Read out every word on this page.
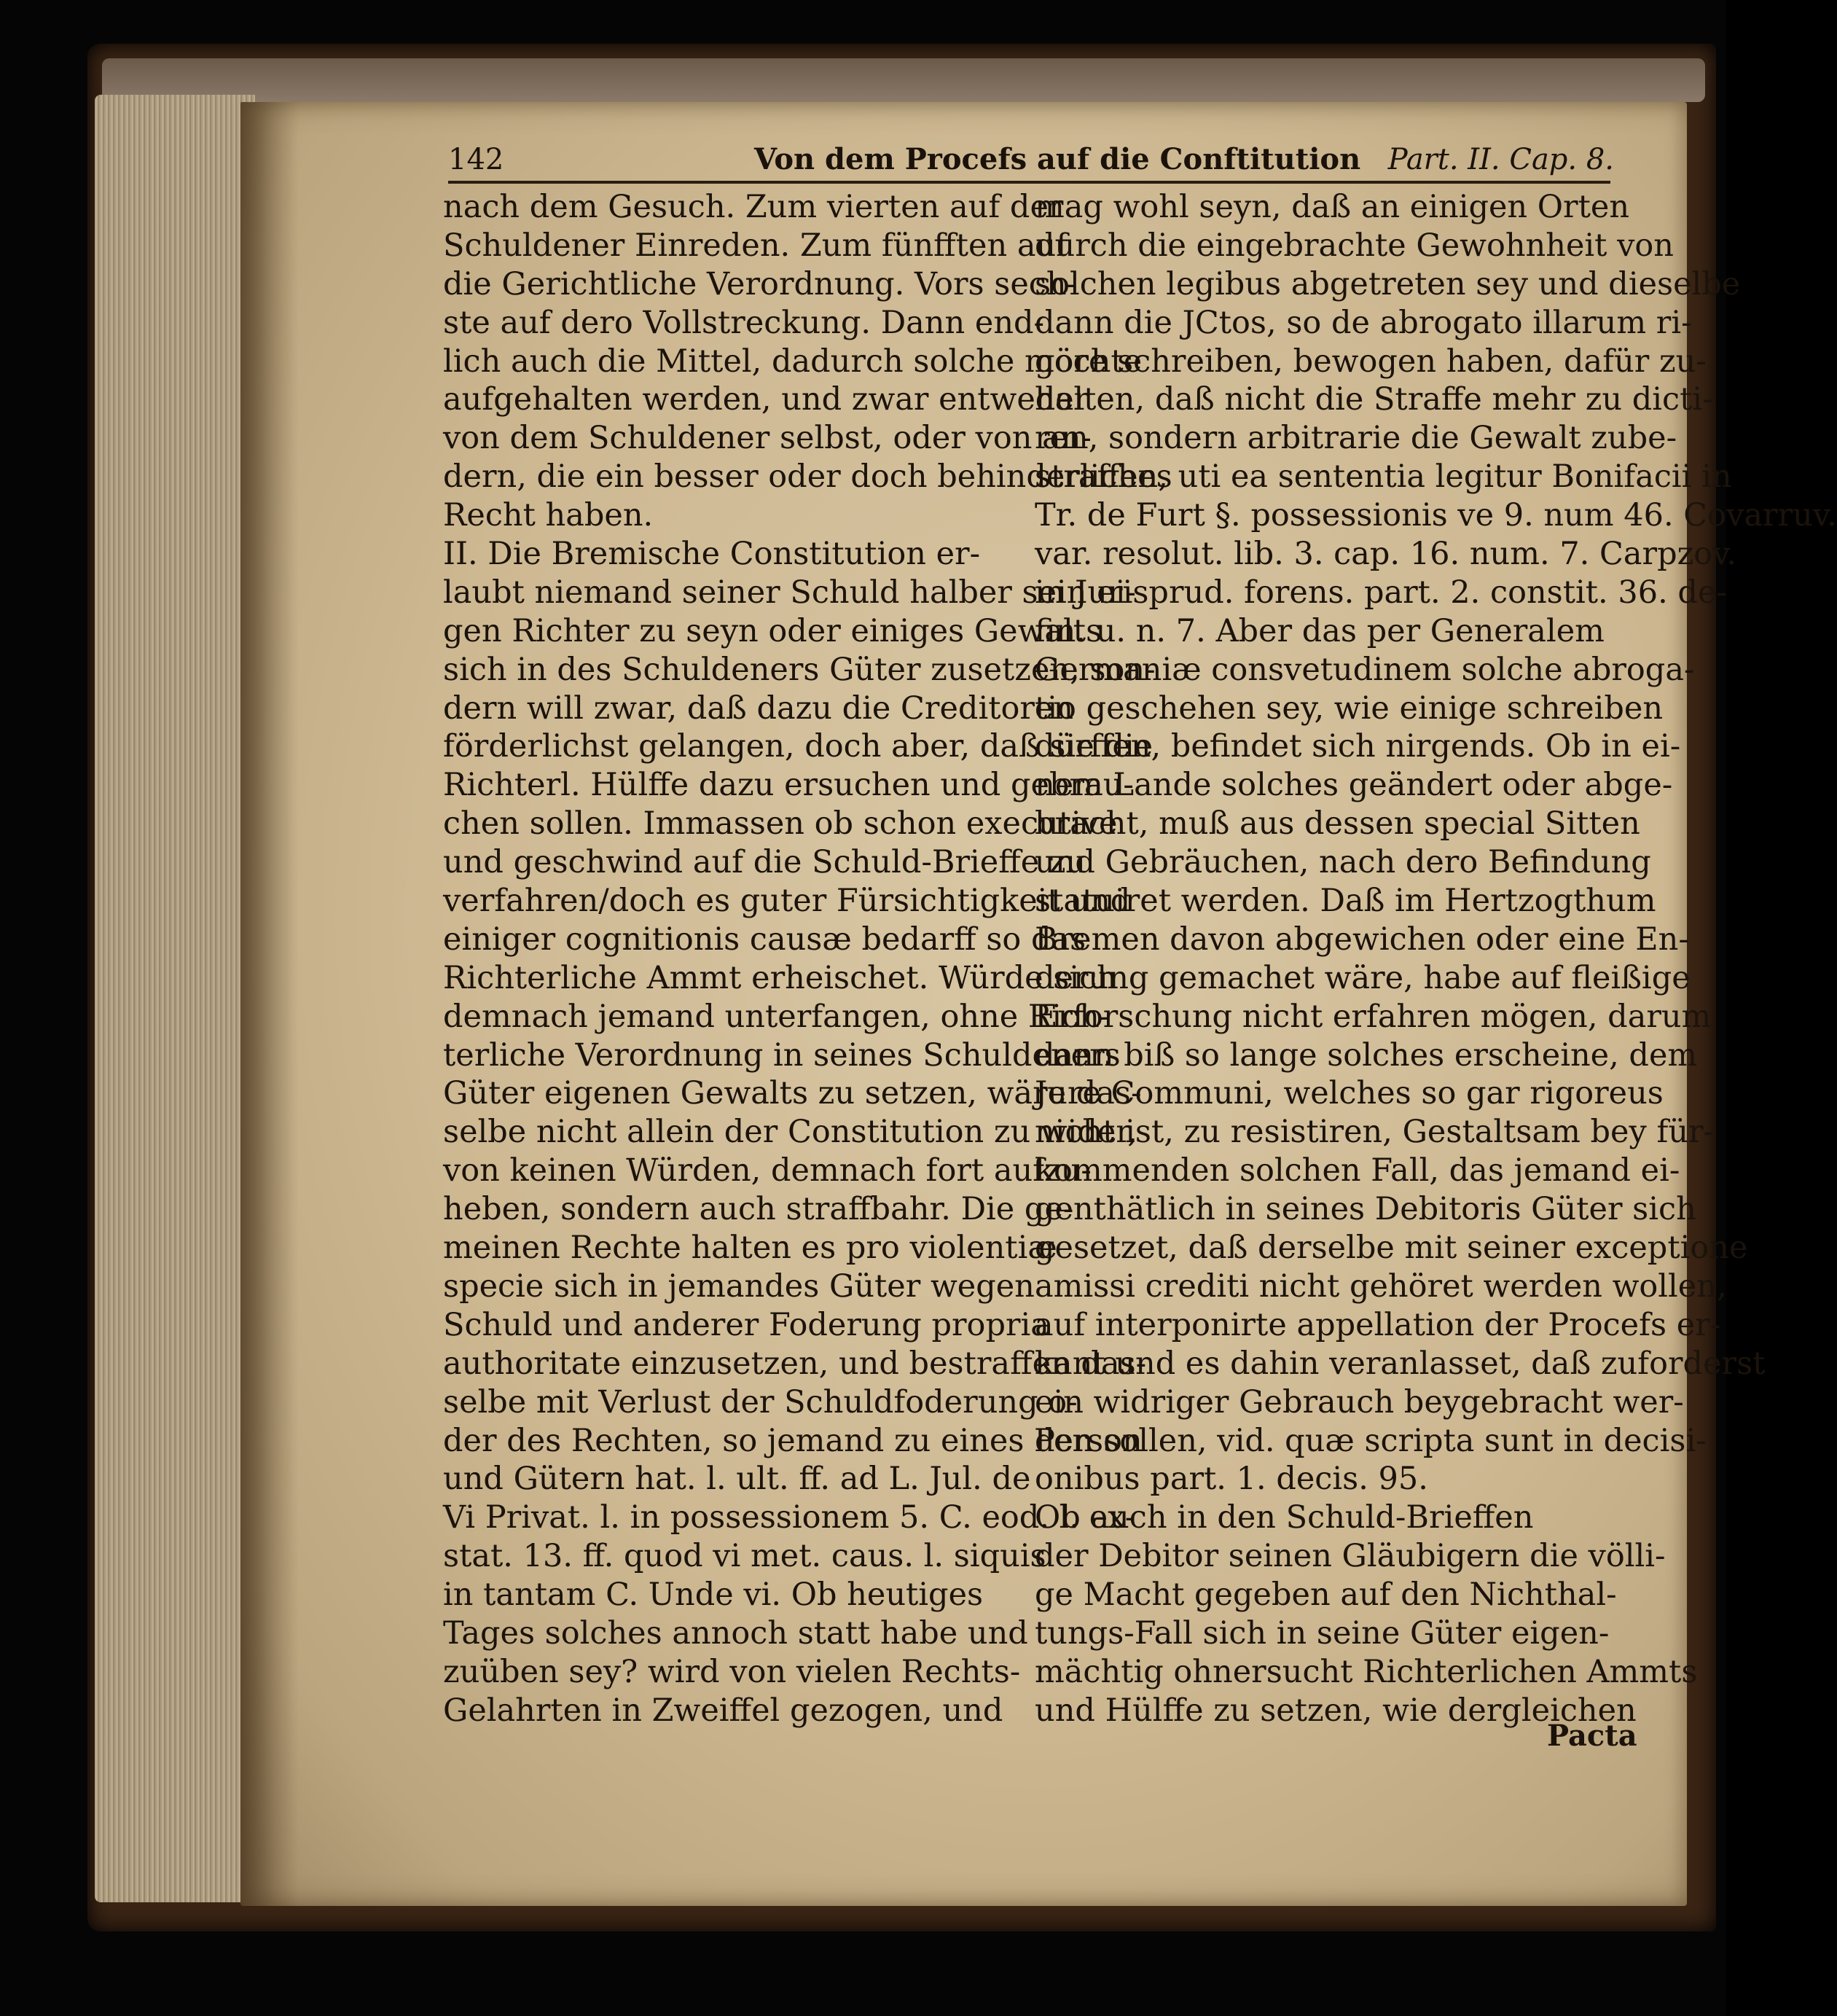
142	Von dem Procefs auf die Conftitution Part. II. Cap. 8.
nach dem Gesuch. Zum vierten auf der
Schuldener Einreden. Zum fünfften auf
die Gerichtliche Verordnung. Vors sech-
ste auf dero Vollstreckung. Dann end-
lich auch die Mittel, dadurch solche möchte
aufgehalten werden, und zwar entweder
von dem Schuldener selbst, oder von an-
dern, die ein besser oder doch behinderliches
Recht haben.
II. Die Bremische Constitution er-
laubt niemand seiner Schuld halber sein ei-
gen Richter zu seyn oder einiges Gewalts
sich in des Schuldeners Güter zusetzen, son-
dern will zwar, daß dazu die Creditoren
förderlichst gelangen, doch aber, daß sie die
Richterl. Hülffe dazu ersuchen und gebrau-
chen sollen. Immassen ob schon executive
und geschwind auf die Schuld-Brieffe zu
verfahren/doch es guter Fürsichtigkeit und
einiger cognitionis causæ bedarff so das
Richterliche Ammt erheischet. Würde sich
demnach jemand unterfangen, ohne Rich-
terliche Verordnung in seines Schuldeners
Güter eigenen Gewalts zu setzen, wäre das-
selbe nicht allein der Constitution zu wider,
von keinen Würden, demnach fort aufzu-
heben, sondern auch straffbahr. Die ge-
meinen Rechte halten es pro violentiæ
specie sich in jemandes Güter wegen
Schuld und anderer Foderung propria
authoritate einzusetzen, und bestraffen das-
selbe mit Verlust der Schuldfoderung o-
der des Rechten, so jemand zu eines Person
und Gütern hat. l. ult. ff. ad L. Jul. de
Vi Privat. l. in possessionem 5. C. eod. l. ex-
stat. 13. ff. quod vi met. caus. l. siquis
in tantam C. Unde vi. Ob heutiges
Tages solches annoch statt habe und
zuüben sey? wird von vielen Rechts-
Gelahrten in Zweiffel gezogen, und
mag wohl seyn, daß an einigen Orten
durch die eingebrachte Gewohnheit von
solchen legibus abgetreten sey und dieselbe
dann die JCtos, so de abrogato illarum ri-
gore schreiben, bewogen haben, dafür zu-
halten, daß nicht die Straffe mehr zu dicti-
ren, sondern arbitrarie die Gewalt zube-
straffen, uti ea sententia legitur Bonifacii in
Tr. de Furt §. possessionis ve 9. num 46. Covarruv.
var. resolut. lib. 3. cap. 16. num. 7. Carpzov.
in Jurisprud. forens. part. 2. constit. 36. de-
fin. u. n. 7. Aber das per Generalem
Germaniæ consvetudinem solche abroga-
tio geschehen sey, wie einige schreiben
dürffen, befindet sich nirgends. Ob in ei-
nem Lande solches geändert oder abge-
bracht, muß aus dessen special Sitten
und Gebräuchen, nach dero Befindung
statuiret werden. Daß im Hertzogthum
Bremen davon abgewichen oder eine En-
derung gemachet wäre, habe auf fleißige
Erforschung nicht erfahren mögen, darum
dann biß so lange solches erscheine, dem
Jure Communi, welches so gar rigoreus
nicht ist, zu resistiren, Gestaltsam bey für-
kommenden solchen Fall, das jemand ei-
genthätlich in seines Debitoris Güter sich
gesetzet, daß derselbe mit seiner exceptione
amissi crediti nicht gehöret werden wollen,
auf interponirte appellation der Procefs er-
kant und es dahin veranlasset, daß zuforderst
ein widriger Gebrauch beygebracht wer-
den sollen, vid. quæ scripta sunt in decisi-
onibus part. 1. decis. 95.
Ob auch in den Schuld-Brieffen
der Debitor seinen Gläubigern die völli-
ge Macht gegeben auf den Nichthal-
tungs-Fall sich in seine Güter eigen-
mächtig ohnersucht Richterlichen Ammts
und Hülffe zu setzen, wie dergleichen
Pacta
